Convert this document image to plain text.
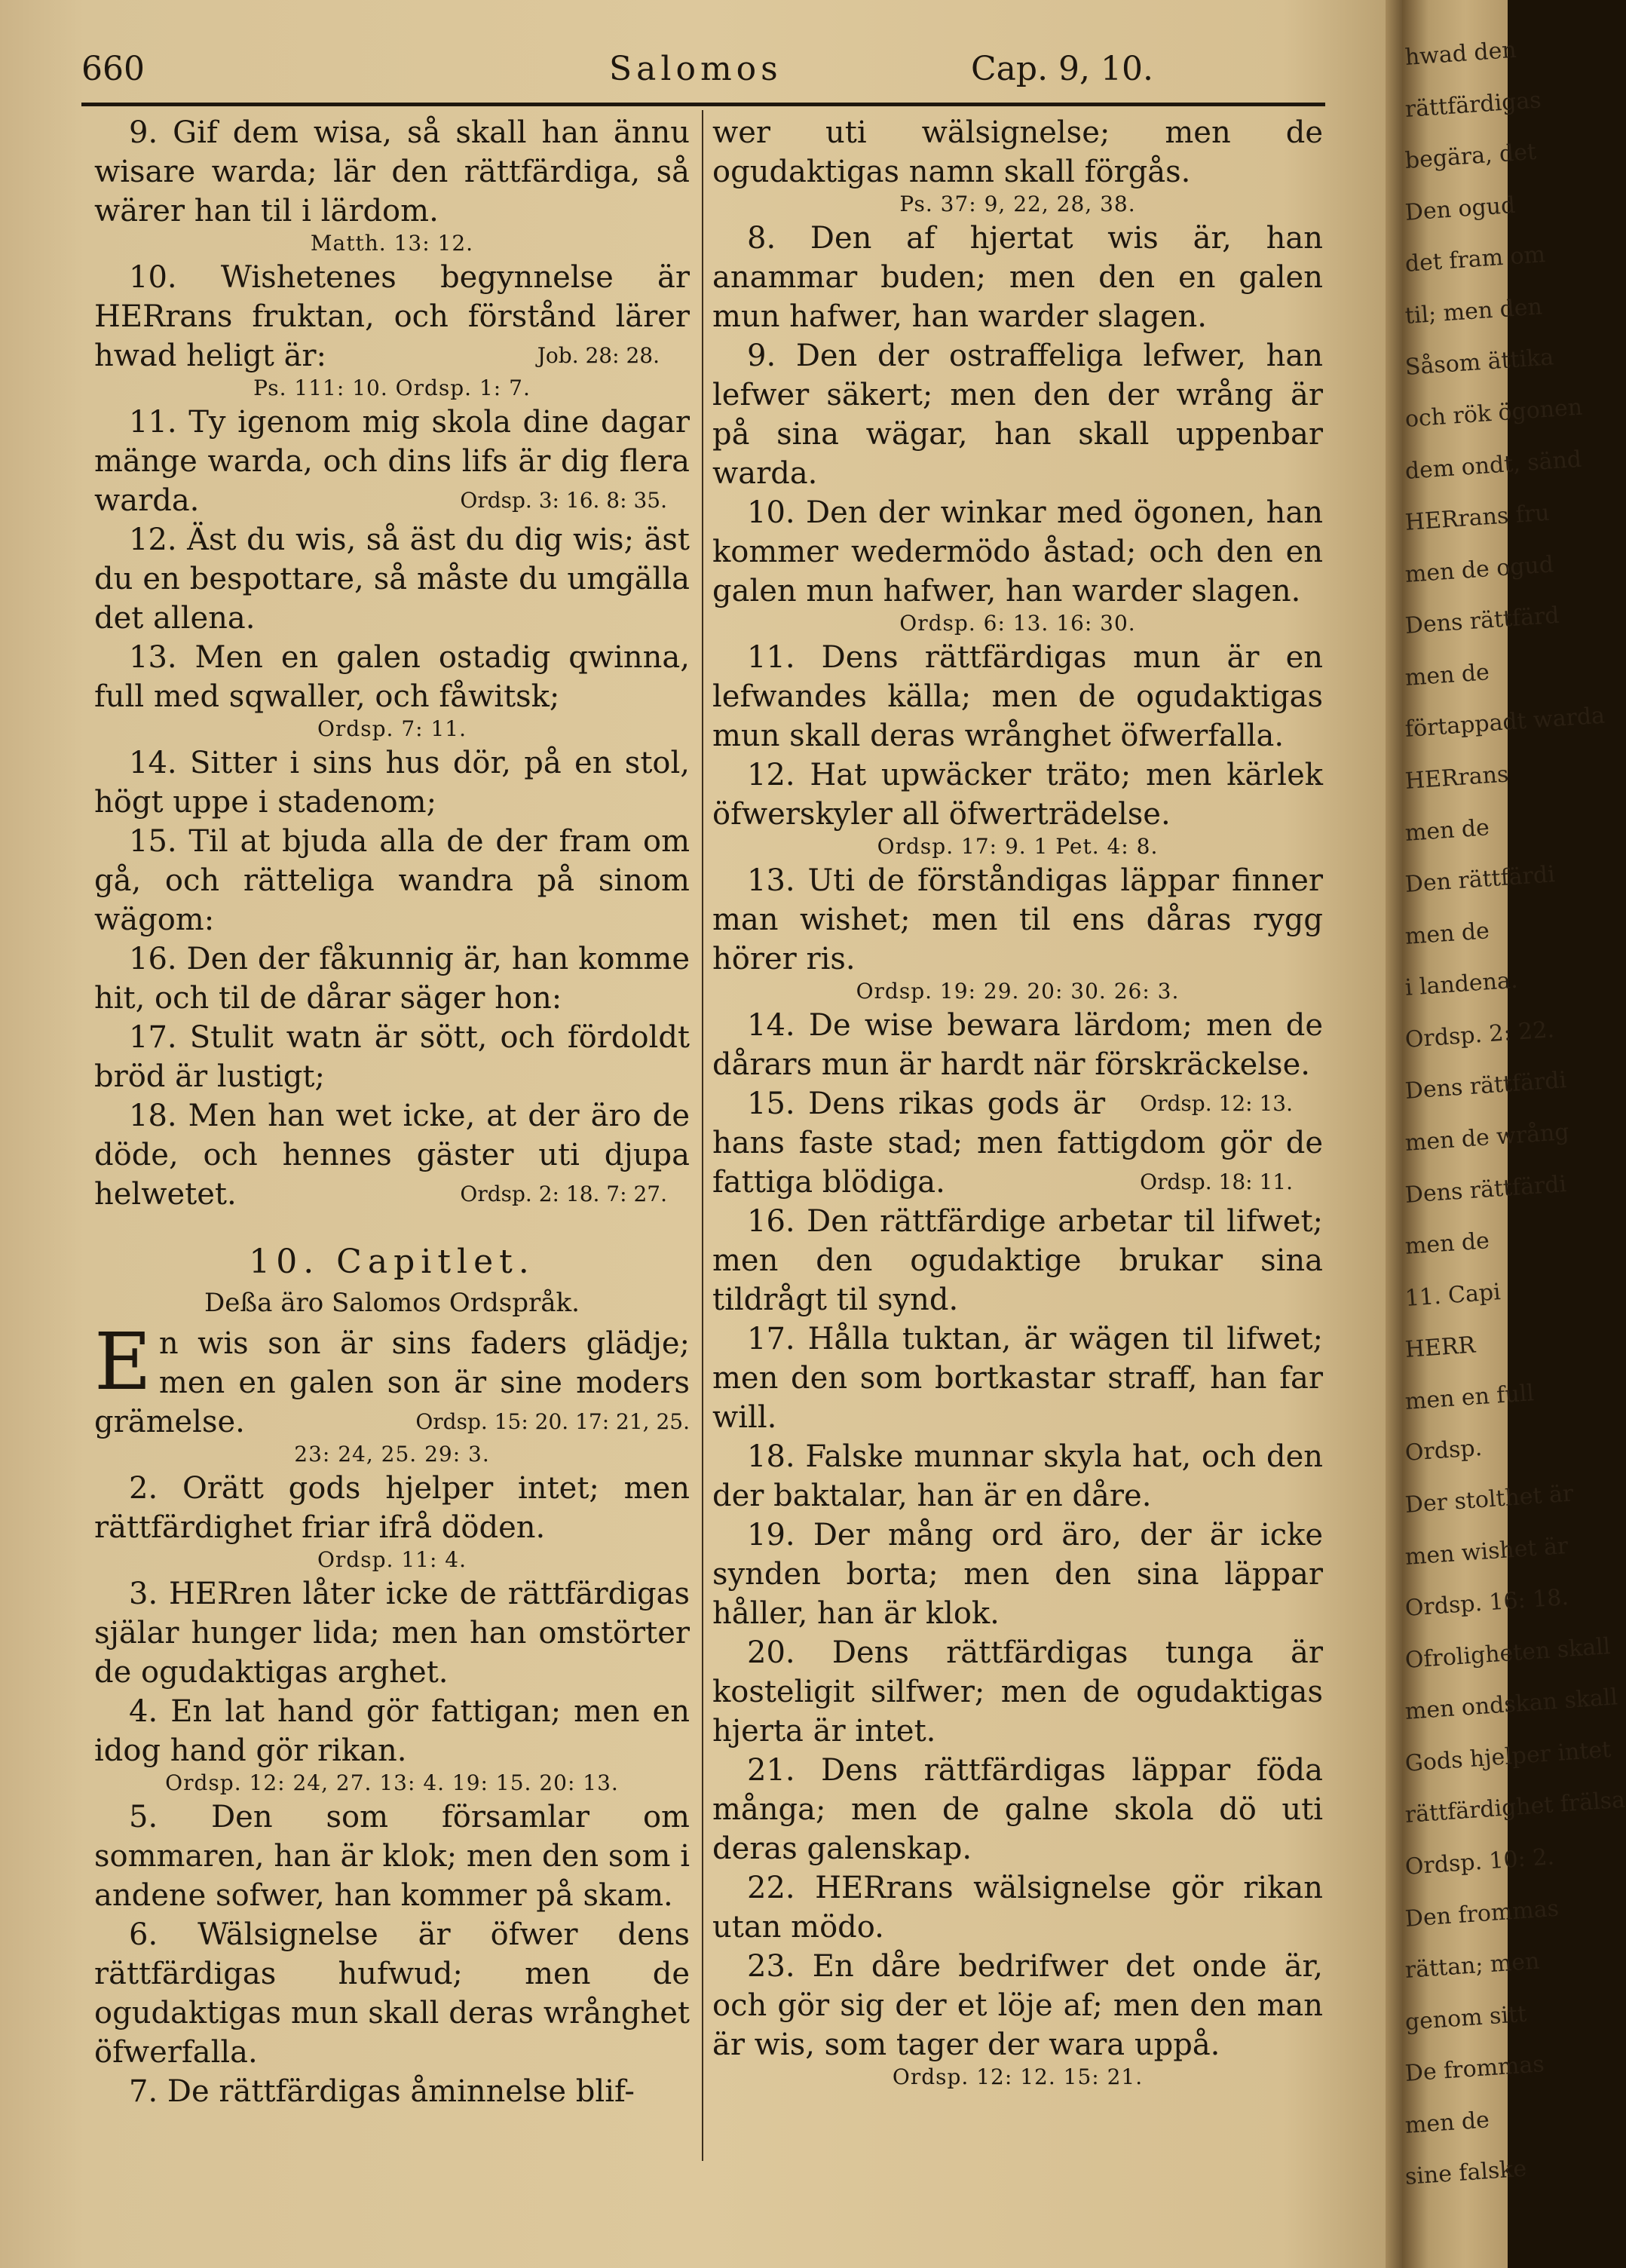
660	Salomos	Cap. 9, 10.

9. Gif dem wisa, så skall han ännu wisare warda; lär den rättfärdiga, så wärer han til i lärdom.

Matth. 13: 12.

10. Wishetenes begynnelse är HERrans fruktan, och förstånd lärer hwad heligt är:	Job. 28: 28.

Ps. 111: 10. Ordsp. 1: 7.

11. Ty igenom mig skola dine dagar mänge warda, och dins lifs är dig flera warda.	Ordsp. 3: 16. 8: 35.

12. Äst du wis, så äst du dig wis; äst du en bespottare, så måste du umgälla det allena.

13. Men en galen ostadig qwinna, full med sqwaller, och fåwitsk;

Ordsp. 7: 11.

14. Sitter i sins hus dör, på en stol, högt uppe i stadenom;

15. Til at bjuda alla de der fram om gå, och rätteliga wandra på sinom wägom:

16. Den der fåkunnig är, han komme hit, och til de dårar säger hon:

17. Stulit watn är sött, och fördoldt bröd är lustigt;

18. Men han wet icke, at der äro de döde, och hennes gäster uti djupa helwetet.	Ordsp. 2: 18. 7: 27.

10. Capitlet.

Deßa äro Salomos Ordspråk.

En wis son är sins faders glädje; men en galen son är sine moders grämelse.	Ordsp. 15: 20. 17: 21, 25.

23: 24, 25. 29: 3.

2. Orätt gods hjelper intet; men rättfärdighet friar ifrå döden.

Ordsp. 11: 4.

3. HERren låter icke de rättfärdigas själar hunger lida; men han omstörter de ogudaktigas arghet.

4. En lat hand gör fattigan; men en idog hand gör rikan.

Ordsp. 12: 24, 27. 13: 4. 19: 15. 20: 13.

5. Den som församlar om sommaren, han är klok; men den som i andene sofwer, han kommer på skam.

6. Wälsignelse är öfwer dens rättfärdigas hufwud; men de ogudaktigas mun skall deras wrånghet öfwerfalla.

7. De rättfärdigas åminnelse blif-

wer uti wälsignelse; men de ogudaktigas namn skall förgås.

Ps. 37: 9, 22, 28, 38.

8. Den af hjertat wis är, han anammar buden; men den en galen mun hafwer, han warder slagen.

9. Den der ostraffeliga lefwer, han lefwer säkert; men den der wrång är på sina wägar, han skall uppenbar warda.

10. Den der winkar med ögonen, han kommer wedermödo åstad; och den en galen mun hafwer, han warder slagen.

Ordsp. 6: 13. 16: 30.

11. Dens rättfärdigas mun är en lefwandes källa; men de ogudaktigas mun skall deras wrånghet öfwerfalla.

12. Hat upwäcker träto; men kärlek öfwerskyler all öfwerträdelse.

Ordsp. 17: 9. 1 Pet. 4: 8.

13. Uti de förståndigas läppar finner man wishet; men til ens dåras rygg hörer ris.

Ordsp. 19: 29. 20: 30. 26: 3.

14. De wise bewara lärdom; men de dårars mun är hardt när förskräckelse.
Ordsp. 12: 13.

15. Dens rikas gods är hans faste stad; men fattigdom gör de fattiga blödiga.	Ordsp. 18: 11.

16. Den rättfärdige arbetar til lifwet; men den ogudaktige brukar sina tildrågt til synd.

17. Hålla tuktan, är wägen til lifwet; men den som bortkastar straff, han far will.

18. Falske munnar skyla hat, och den der baktalar, han är en dåre.

19. Der mång ord äro, der är icke synden borta; men den sina läppar håller, han är klok.

20. Dens rättfärdigas tunga är kosteligit silfwer; men de ogudaktigas hjerta är intet.

21. Dens rättfärdigas läppar föda många; men de galne skola dö uti deras galenskap.

22. HERrans wälsignelse gör rikan utan mödo.

23. En dåre bedrifwer det onde är, och gör sig der et löje af; men den man är wis, som tager der wara uppå.

Ordsp. 12: 12. 15: 21.

hwad den
rättfärdigas
begära, det
Den ogud
det fram om
til; men den
Såsom ättika
och rök ögonen
dem ondt, sänd
HERrans fru
men de ogud
Dens rättfärd
men de
förtappadt warda
HERrans
men de
Den rättfärdi
men de
i landena.
Ordsp. 2: 22.
Dens rättfärdi
men de wrång
Dens rättfärdi
men de
11. Capi
HERR
men en full
Ordsp.
Der stolthet är
men wishet är
Ordsp. 16: 18.
Ofroligheten skall
men ondskan skall
Gods hjelper intet
rättfärdighet frälsa
Ordsp. 10: 2.
Den frommas
rättan; men
genom sitt
De frommas
men de
sine falske
